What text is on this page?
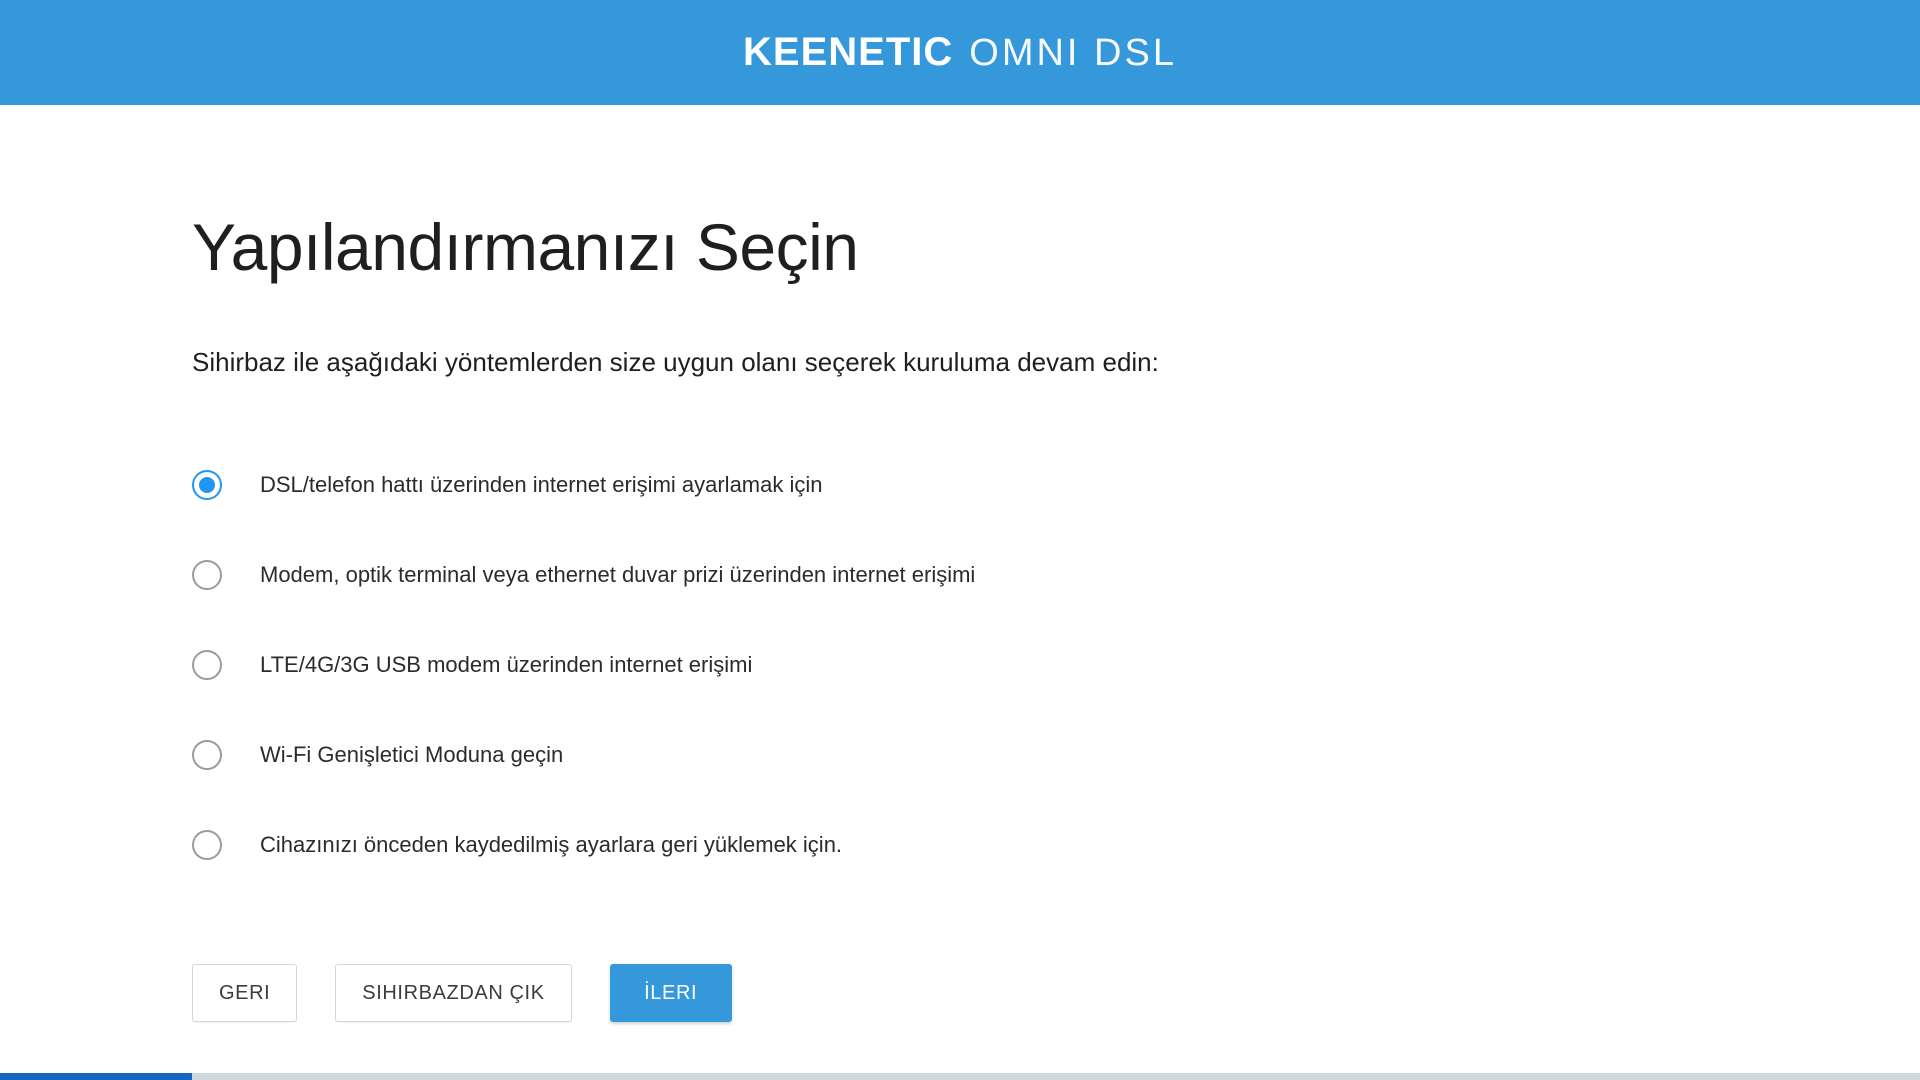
KEENETIC OMNI DSL
Yapılandırmanızı Seçin

Sihirbaz ile aşağıdaki yöntemlerden size uygun olanı seçerek kuruluma devam edin:

DSL/telefon hattı üzerinden internet erişimi ayarlamak için
Modem, optik terminal veya ethernet duvar prizi üzerinden internet erişimi
LTE/4G/3G USB modem üzerinden internet erişimi
Wi-Fi Genişletici Moduna geçin
Cihazınızı önceden kaydedilmiş ayarlara geri yüklemek için.
GERI	SIHIRBAZDAN ÇIK	İLERI
